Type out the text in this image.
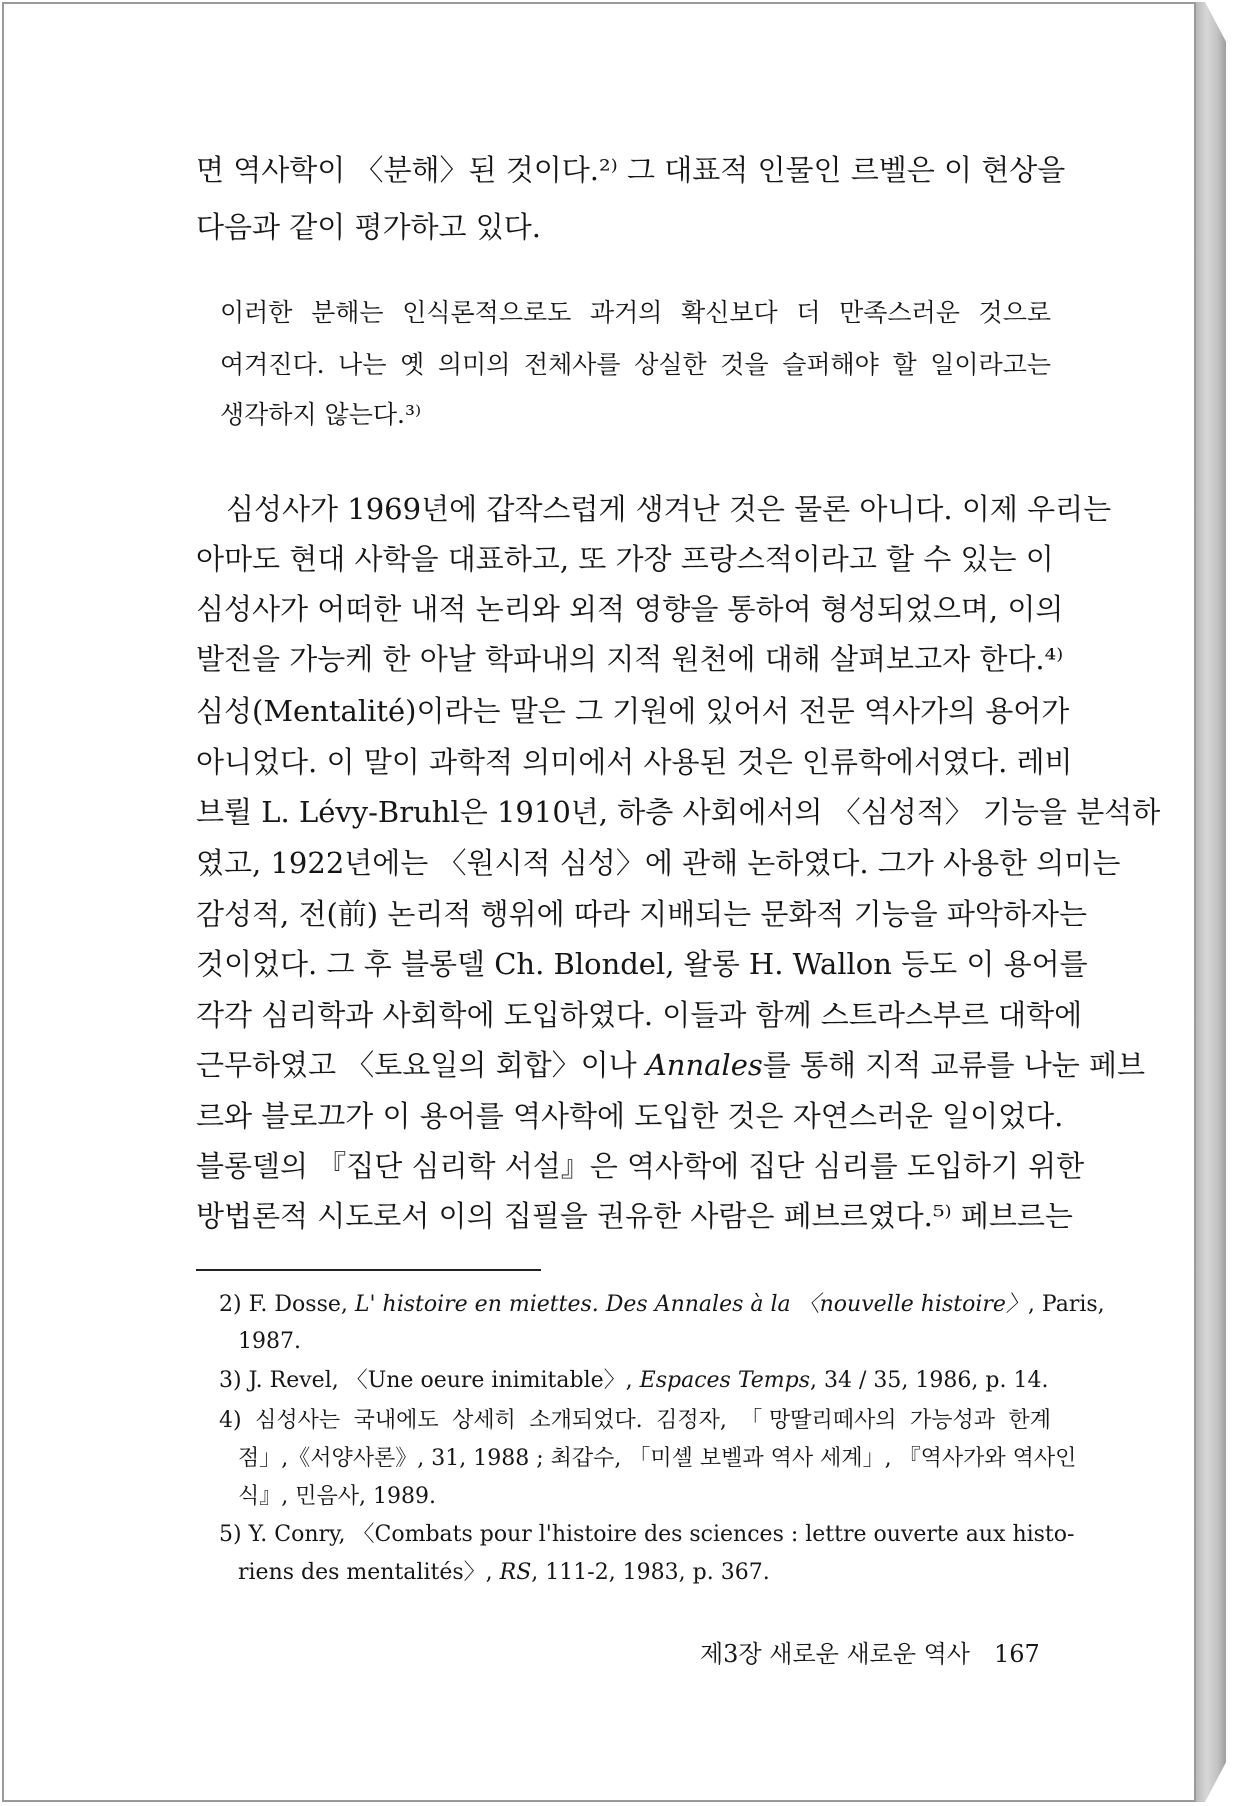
면 역사학이 〈분해〉된 것이다.²⁾ 그 대표적 인물인 르벨은 이 현상을
다음과 같이 평가하고 있다.
이러한 분해는 인식론적으로도 과거의 확신보다 더 만족스러운 것으로
여겨진다. 나는 옛 의미의 전체사를 상실한 것을 슬퍼해야 할 일이라고는
생각하지 않는다.³⁾
심성사가 1969년에 갑작스럽게 생겨난 것은 물론 아니다. 이제 우리는
아마도 현대 사학을 대표하고, 또 가장 프랑스적이라고 할 수 있는 이
심성사가 어떠한 내적 논리와 외적 영향을 통하여 형성되었으며, 이의
발전을 가능케 한 아날 학파내의 지적 원천에 대해 살펴보고자 한다.⁴⁾
심성(Mentalité)이라는 말은 그 기원에 있어서 전문 역사가의 용어가
아니었다. 이 말이 과학적 의미에서 사용된 것은 인류학에서였다. 레비
브륄 L. Lévy-Bruhl은 1910년, 하층 사회에서의 〈심성적〉 기능을 분석하
였고, 1922년에는 〈원시적 심성〉에 관해 논하였다. 그가 사용한 의미는
감성적, 전(前) 논리적 행위에 따라 지배되는 문화적 기능을 파악하자는
것이었다. 그 후 블롱델 Ch. Blondel, 왈롱 H. Wallon 등도 이 용어를
각각 심리학과 사회학에 도입하였다. 이들과 함께 스트라스부르 대학에
근무하였고 〈토요일의 회합〉이나 Annales를 통해 지적 교류를 나눈 페브
르와 블로끄가 이 용어를 역사학에 도입한 것은 자연스러운 일이었다.
블롱델의 『집단 심리학 서설』은 역사학에 집단 심리를 도입하기 위한
방법론적 시도로서 이의 집필을 권유한 사람은 페브르였다.⁵⁾ 페브르는
2) F. Dosse, L' histoire en miettes. Des Annales à la 〈nouvelle histoire〉, Paris,
1987.
3) J. Revel, 〈Une oeure inimitable〉, Espaces Temps, 34 / 35, 1986, p. 14.
4) 심성사는 국내에도 상세히 소개되었다. 김정자, 「망딸리떼사의 가능성과 한계
점」,《서양사론》, 31, 1988 ; 최갑수, 「미셸 보벨과 역사 세계」, 『역사가와 역사인
식』, 민음사, 1989.
5) Y. Conry, 〈Combats pour l'histoire des sciences : lettre ouverte aux histo-
riens des mentalités〉, RS, 111-2, 1983, p. 367.
제3장 새로운 새로운 역사 167
